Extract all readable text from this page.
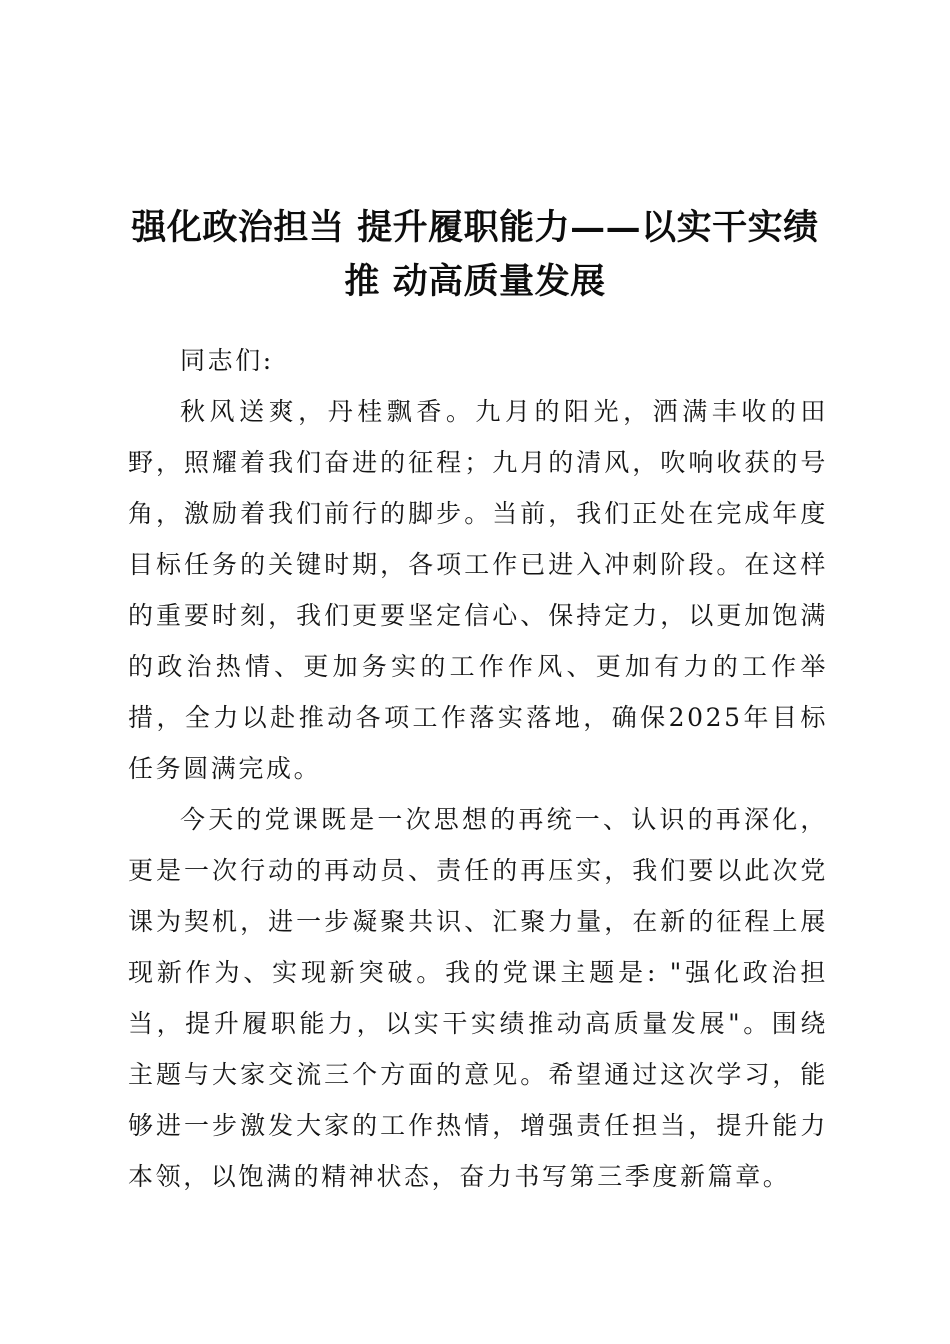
强化政治担当 提升履职能力——以实干实绩
推 动高质量发展

同志们:

秋风送爽，丹桂飘香。九月的阳光，洒满丰收的田野，照耀着我们奋进的征程；九月的清风，吹响收获的号角，激励着我们前行的脚步。当前，我们正处在完成年度目标任务的关键时期，各项工作已进入冲刺阶段。在这样的重要时刻，我们更要坚定信心、保持定力，以更加饱满的政治热情、更加务实的工作作风、更加有力的工作举措，全力以赴推动各项工作落实落地，确保2025年目标任务圆满完成。

今天的党课既是一次思想的再统一、认识的再深化，更是一次行动的再动员、责任的再压实，我们要以此次党课为契机，进一步凝聚共识、汇聚力量，在新的征程上展现新作为、实现新突破。我的党课主题是: "强化政治担当，提升履职能力，以实干实绩推动高质量发展"。围绕主题与大家交流三个方面的意见。希望通过这次学习，能够进一步激发大家的工作热情，增强责任担当，提升能力本领，以饱满的精神状态，奋力书写第三季度新篇章。
